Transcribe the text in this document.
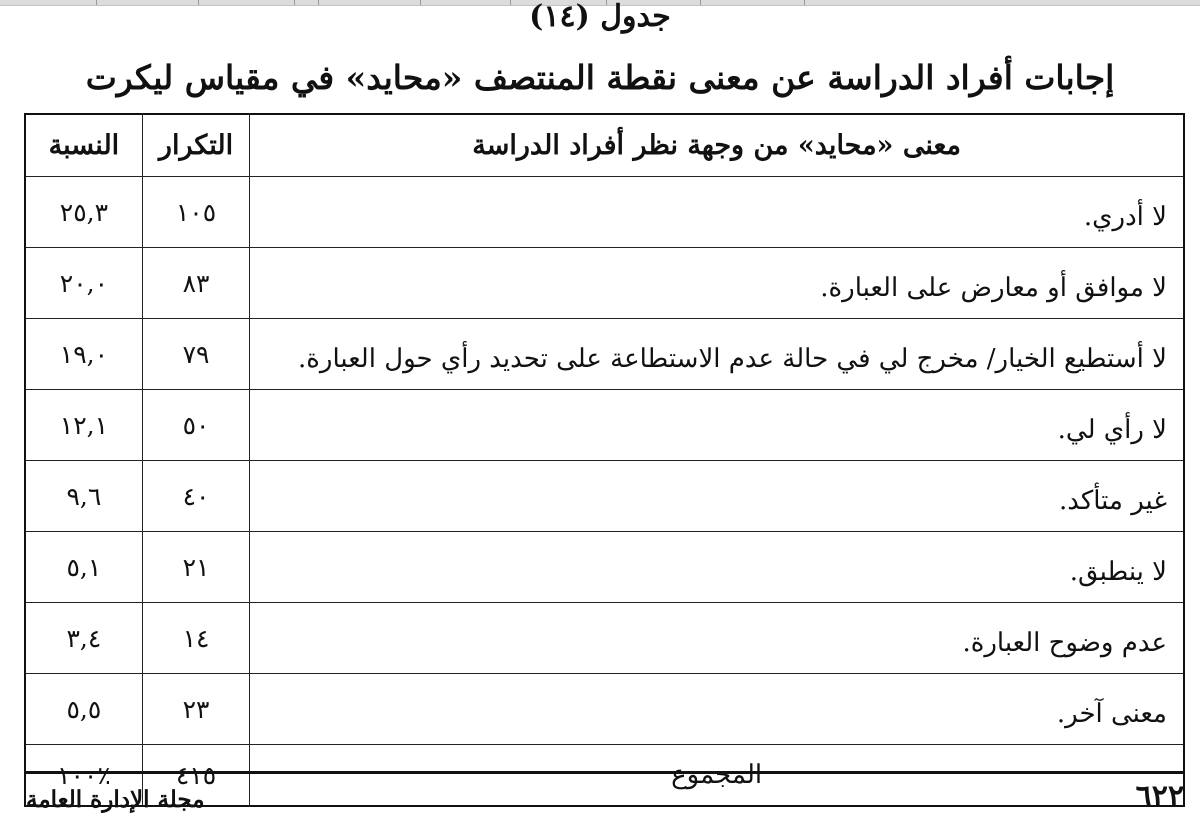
جدول (١٤)
إجابات أفراد الدراسة عن معنى نقطة المنتصف «محايد» في مقياس ليكرت
معنى «محايد» من وجهة نظر أفراد الدراسة	التكرار	النسبة
لا أدري.	١٠٥	٢٥,٣
لا موافق أو معارض على العبارة.	٨٣	٢٠,٠
لا أستطيع الخيار/ مخرج لي في حالة عدم الاستطاعة على تحديد رأي حول العبارة.	٧٩	١٩,٠
لا رأي لي.	٥٠	١٢,١
غير متأكد.	٤٠	٩,٦
لا ينطبق.	٢١	٥,١
عدم وضوح العبارة.	١٤	٣,٤
معنى آخر.	٢٣	٥,٥
المجموع	٤١٥	٪١٠٠
مجلة الإدارة العامة	٦٢٢
